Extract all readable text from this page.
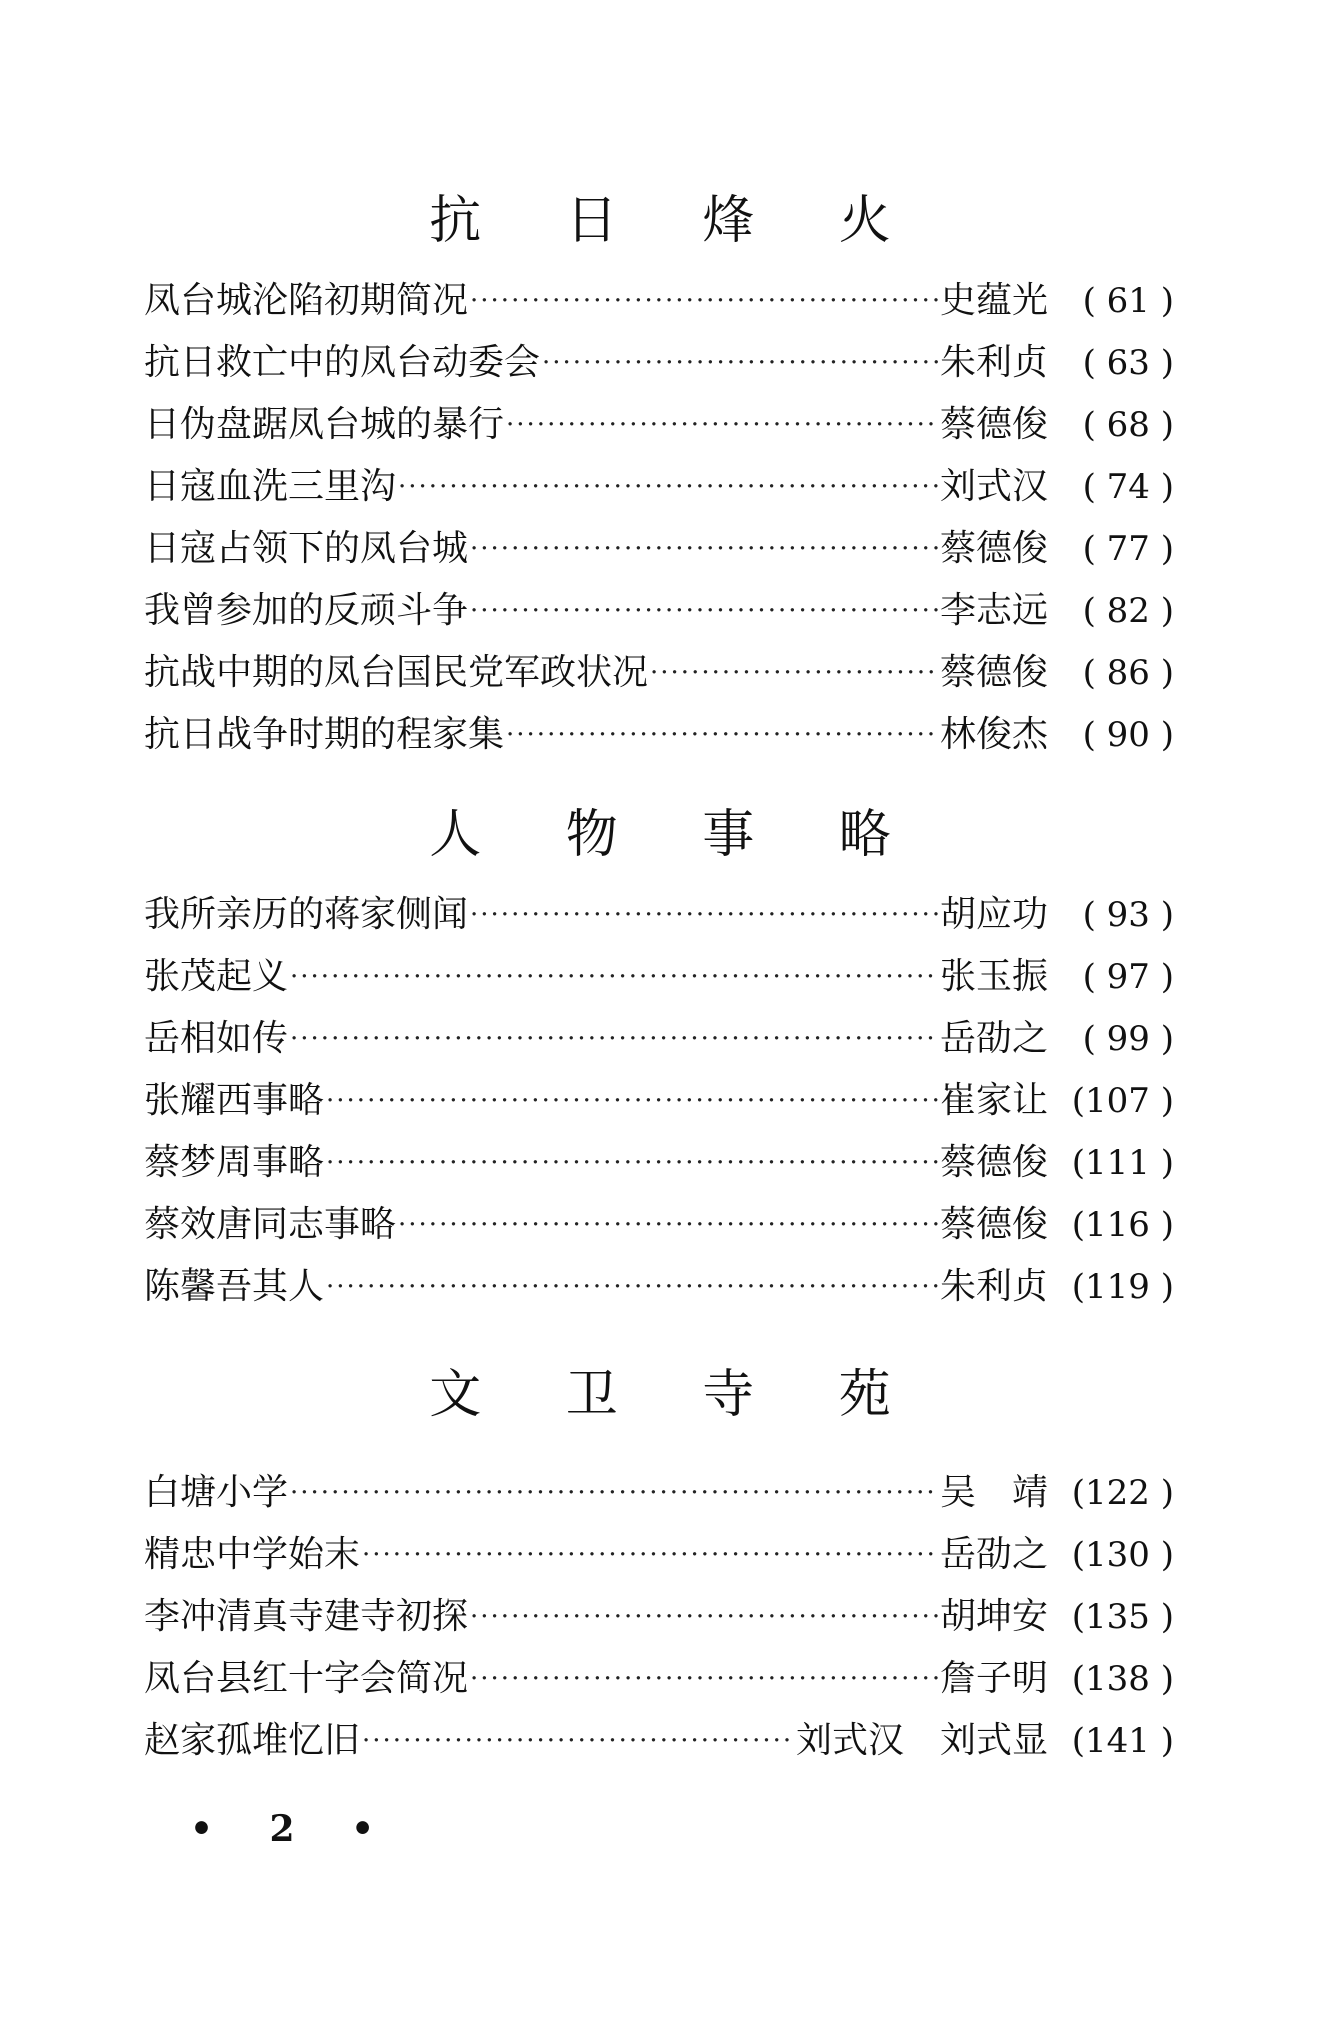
抗 日 烽 火
凤台城沦陷初期简况 ·····	史蕴光	( 61 )
抗日救亡中的凤台动委会 ·····	朱利贞	( 63 )
日伪盘踞凤台城的暴行 ·····	蔡德俊	( 68 )
日寇血洗三里沟 ·····	刘式汉	( 74 )
日寇占领下的凤台城 ·····	蔡德俊	( 77 )
我曾参加的反顽斗争 ·····	李志远	( 82 )
抗战中期的凤台国民党军政状况 ·····	蔡德俊	( 86 )
抗日战争时期的程家集 ·····	林俊杰	( 90 )
人 物 事 略
我所亲历的蒋家侧闻 ·····	胡应功	( 93 )
张茂起义 ·····	张玉振	( 97 )
岳相如传 ·····	岳劭之	( 99 )
张耀西事略 ·····	崔家让 (107 )
蔡梦周事略 ·····	蔡德俊 (111 )
蔡效唐同志事略 ·····	蔡德俊 (116 )
陈馨吾其人 ·····	朱利贞 (119 )
文 卫 寺 苑
白塘小学 ·····	吴　靖 (122 )
精忠中学始末 ·····	岳劭之 (130 )
李冲清真寺建寺初探 ·····	胡坤安 (135 )
凤台县红十字会简况 ·····	詹子明 (138 )
赵家孤堆忆旧 ·····	刘式汉　刘式显 (141 )
• 2 •
